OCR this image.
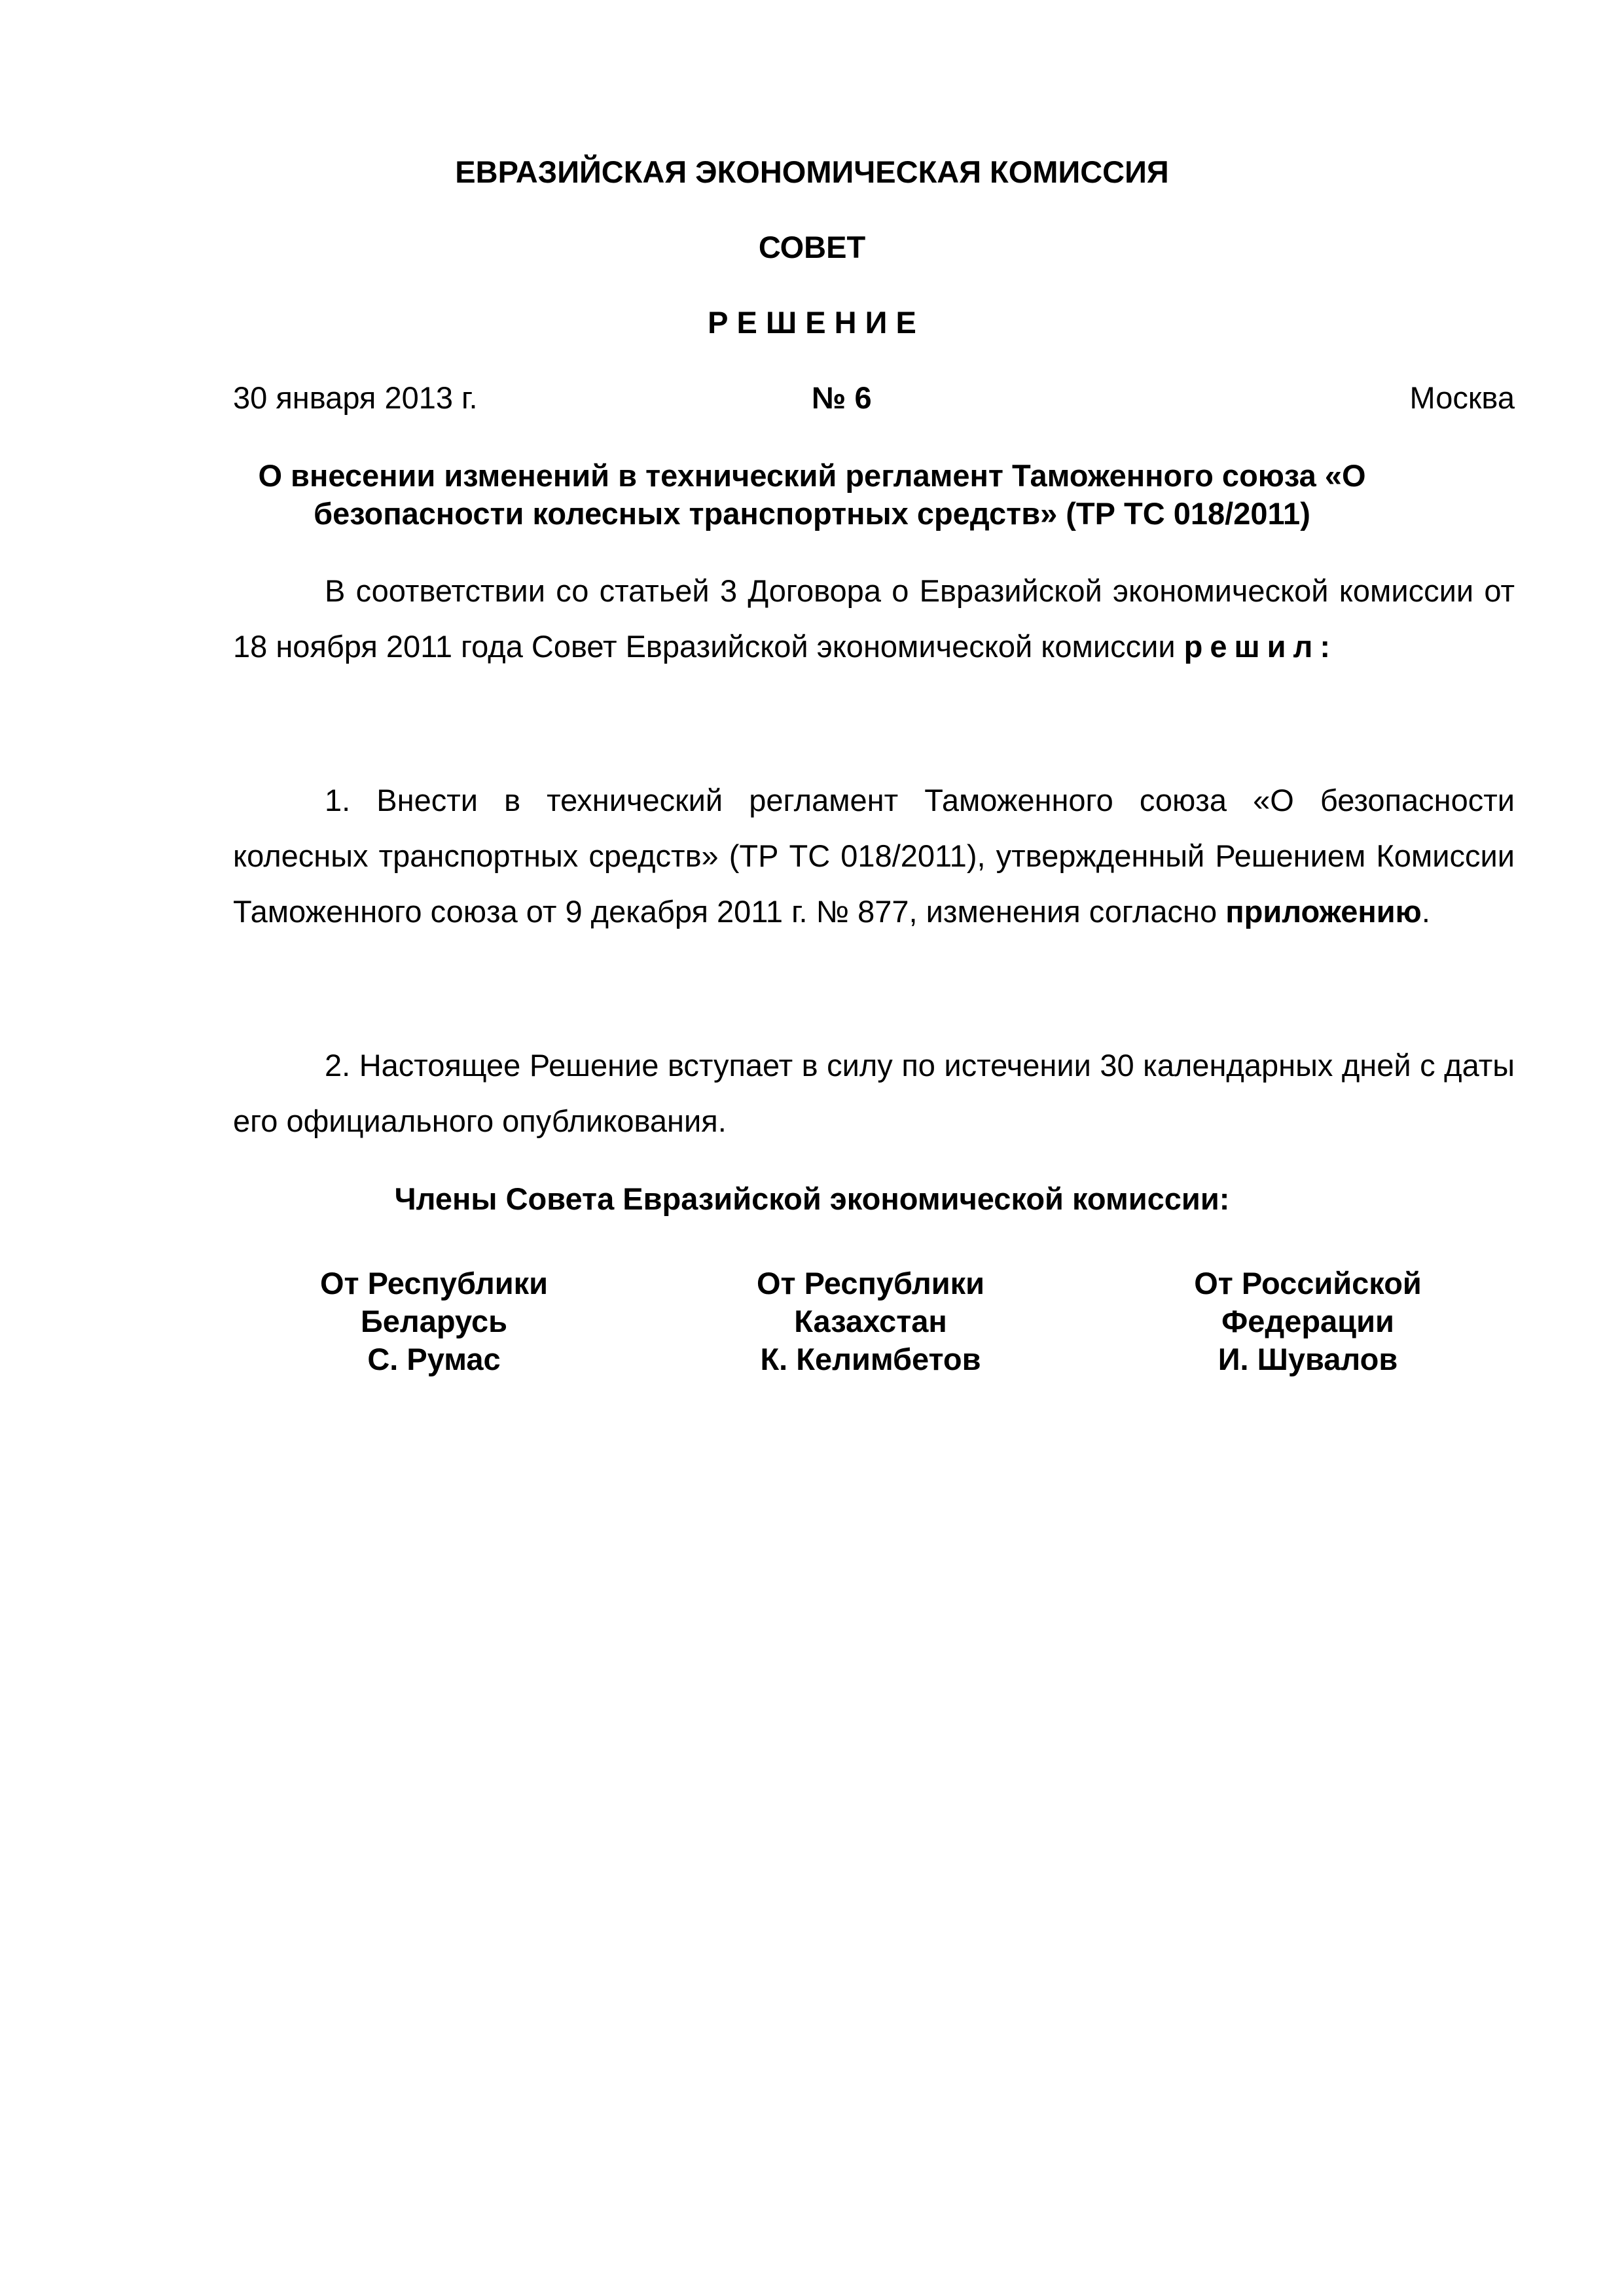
ЕВРАЗИЙСКАЯ ЭКОНОМИЧЕСКАЯ КОМИССИЯ
СОВЕТ
Р Е Ш Е Н И Е
30 января 2013 г.	№ 6	Москва
О внесении изменений в технический регламент Таможенного союза «О
безопасности колесных транспортных средств» (ТР ТС 018/2011)
В соответствии со статьей 3 Договора о Евразийской экономической комиссии от 18 ноября 2011 года Совет Евразийской экономической комиссии решил:
1. Внести в технический регламент Таможенного союза «О безопасности колесных транспортных средств» (ТР ТС 018/2011), утвержденный Решением Комиссии Таможенного союза от 9 декабря 2011 г. № 877, изменения согласно приложению.
2. Настоящее Решение вступает в силу по истечении 30 календарных дней с даты его официального опубликования.
Члены Совета Евразийской экономической комиссии:
От Республики
Беларусь
С. Румас
От Республики
Казахстан
К. Келимбетов
От Российской
Федерации
И. Шувалов
